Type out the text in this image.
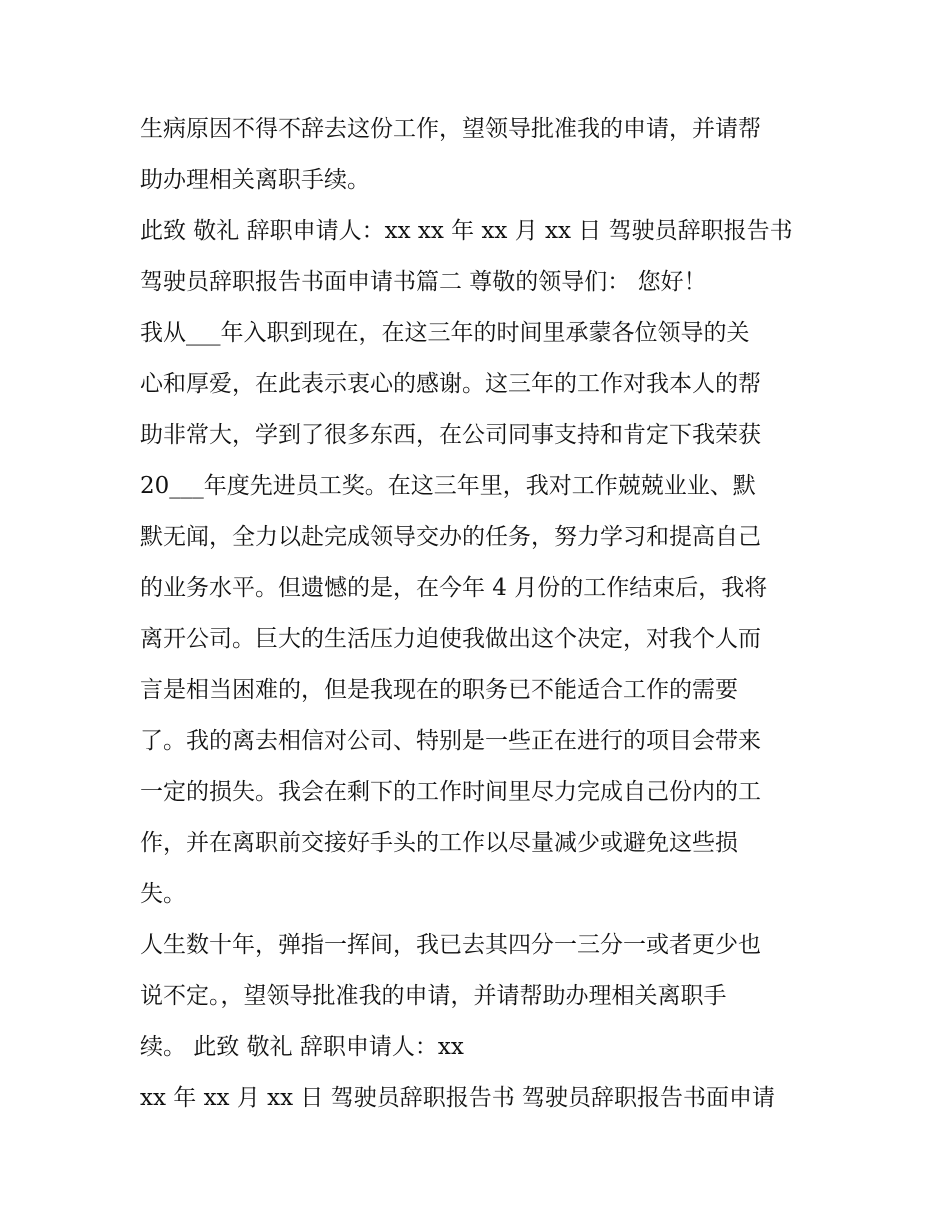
生病原因不得不辞去这份工作，望领导批准我的申请，并请帮
助办理相关离职手续。
此致 敬礼 辞职申请人：xx xx 年 xx 月 xx 日 驾驶员辞职报告书
驾驶员辞职报告书面申请书篇二 尊敬的领导们： 您好！
我从___年入职到现在，在这三年的时间里承蒙各位领导的关
心和厚爱，在此表示衷心的感谢。这三年的工作对我本人的帮
助非常大，学到了很多东西，在公司同事支持和肯定下我荣获
20___年度先进员工奖。在这三年里，我对工作兢兢业业、默
默无闻，全力以赴完成领导交办的任务，努力学习和提高自己
的业务水平。但遗憾的是，在今年 4 月份的工作结束后，我将
离开公司。巨大的生活压力迫使我做出这个决定，对我个人而
言是相当困难的，但是我现在的职务已不能适合工作的需要
了。我的离去相信对公司、特别是一些正在进行的项目会带来
一定的损失。我会在剩下的工作时间里尽力完成自己份内的工
作，并在离职前交接好手头的工作以尽量减少或避免这些损
失。
人生数十年，弹指一挥间，我已去其四分一三分一或者更少也
说不定。，望领导批准我的申请，并请帮助办理相关离职手
续。 此致 敬礼 辞职申请人：xx
xx 年 xx 月 xx 日 驾驶员辞职报告书 驾驶员辞职报告书面申请
